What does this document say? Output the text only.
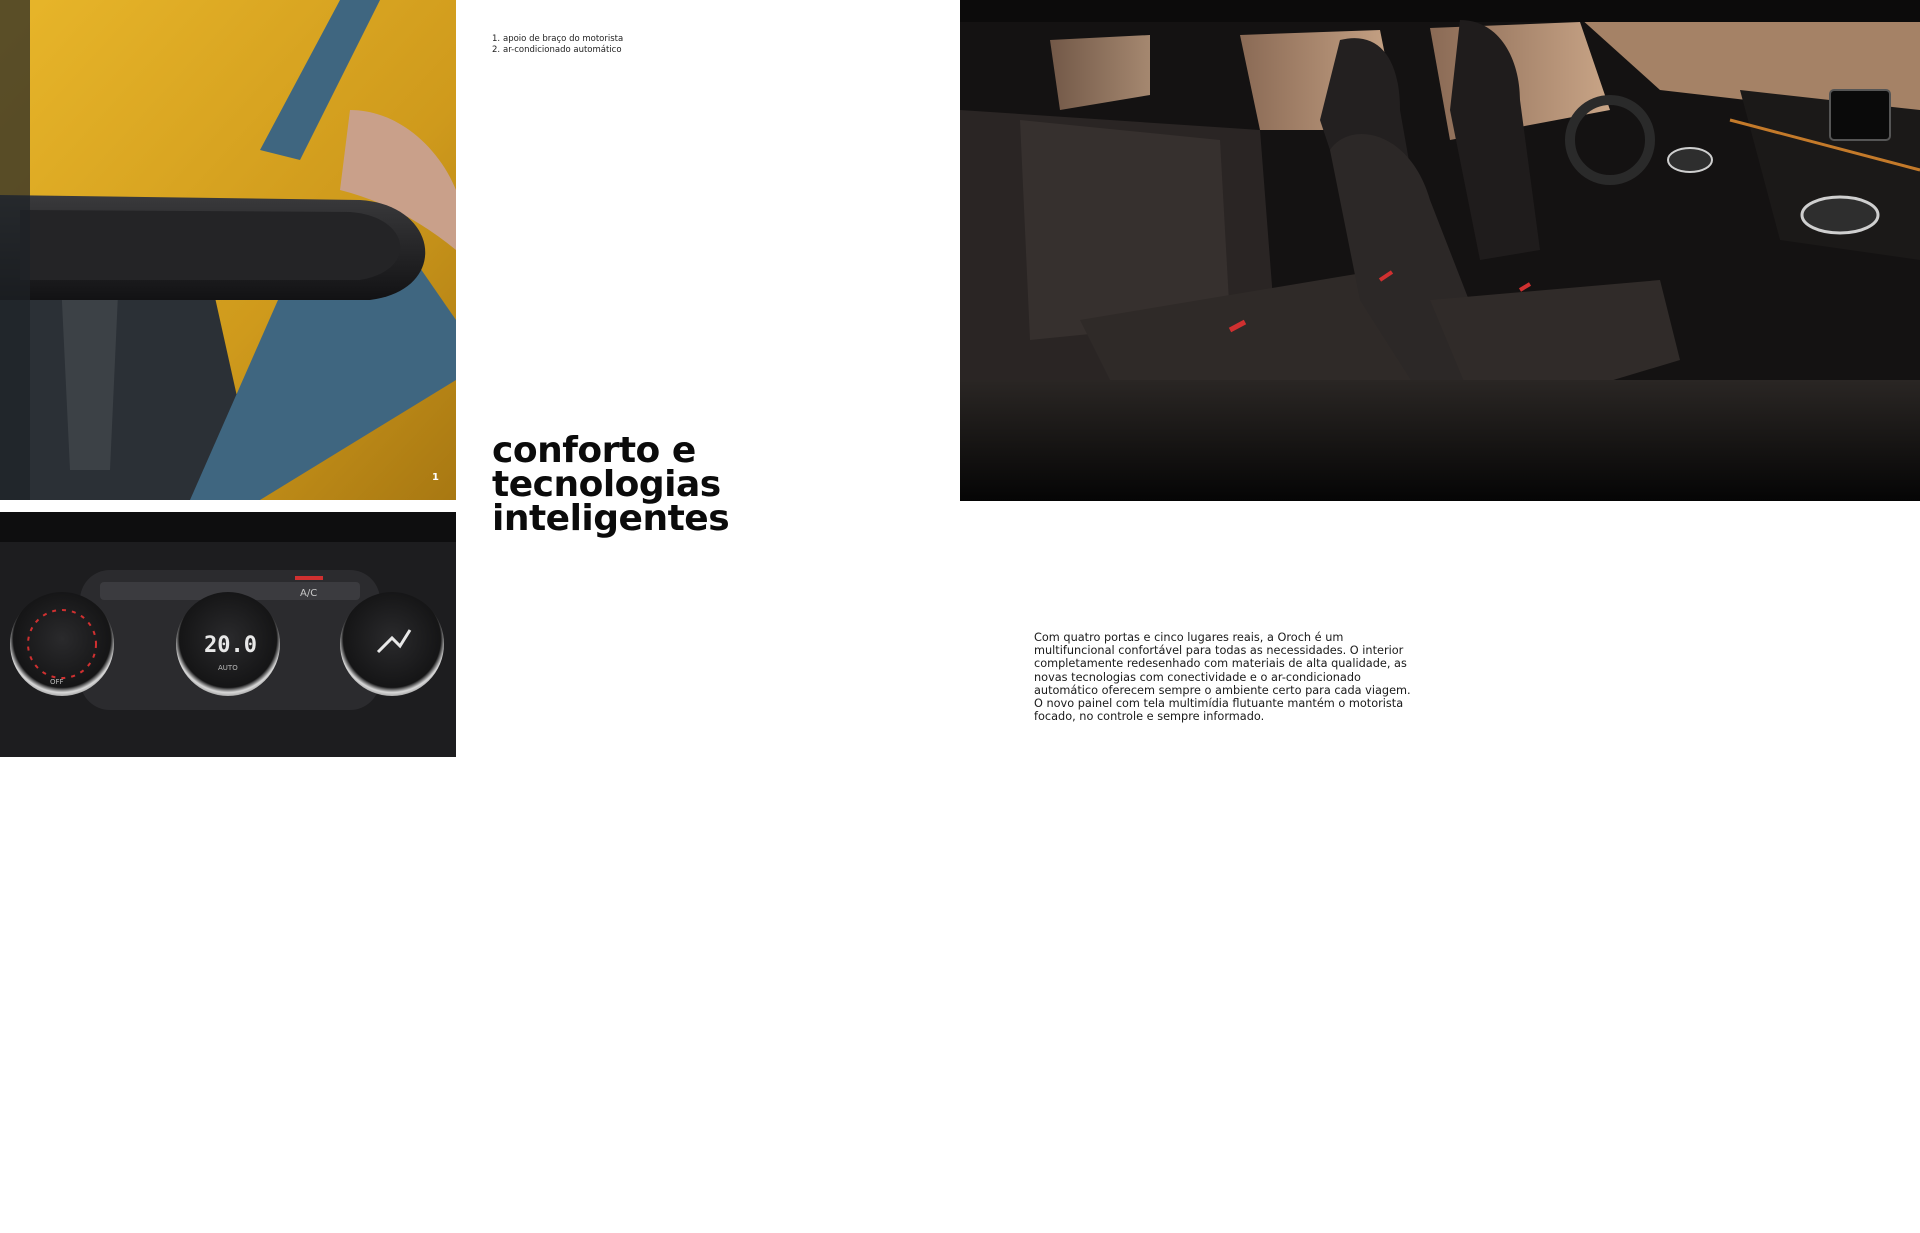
1
A/C
OFF
20.0
AUTO
2
1. apoio de braço do motorista
2. ar-condicionado automático
conforto e tecnologias
inteligentes

Com quatro portas e cinco lugares reais, a Oroch é um multifuncional confortável para todas as necessidades. O interior completamente redesenhado com materiais de alta qualidade, as novas tecnologias com conectividade e o ar-condicionado automático oferecem sempre o ambiente certo para cada viagem. O novo painel com tela multimídia flutuante mantém o motorista focado, no controle e sempre informado.
